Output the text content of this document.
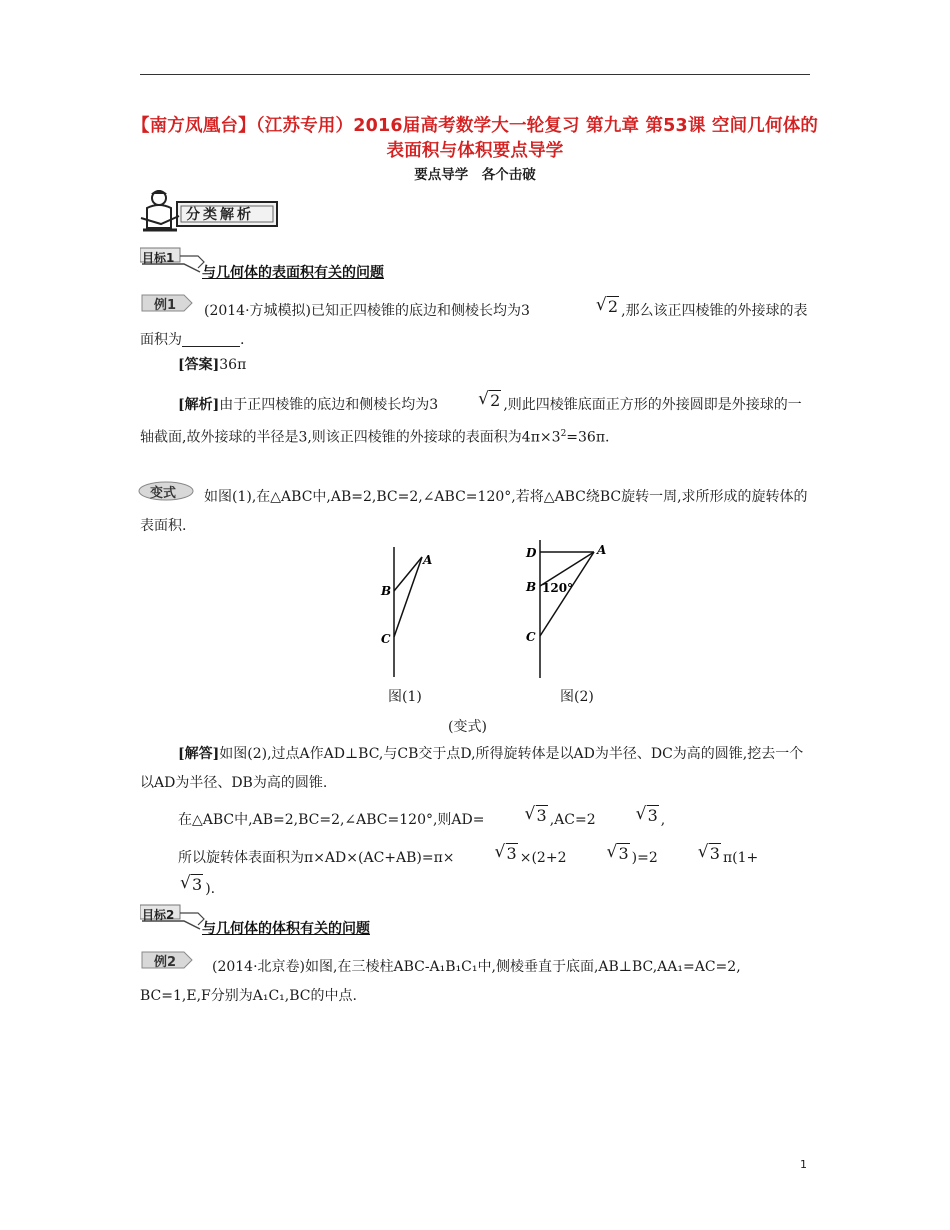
【南方凤凰台】（江苏专用）2016届高考数学大一轮复习 第九章 第53课 空间几何体的表面积与体积要点导学
要点导学　各个击破
分类解析
目标1
与几何体的表面积有关的问题
例1	(2014·方城模拟)已知正四棱锥的底边和侧棱长均为3	√ 2 ,那么该正四棱锥的外接球的表面积为	.
[答案]36π
[解析]由于正四棱锥的底边和侧棱长均为3	√ 2 ,则此四棱锥底面正方形的外接圆即是外接球的一轴截面,故外接球的半径是3,则该正四棱锥的外接球的表面积为$4\pi\times 3^2=36\pi$.
变式	如图(1),在△ABC中,AB=2,BC=2,∠ABC=120°,若将△ABC绕BC旋转一周,求所形成的旋转体的表面积.
A
B
C
D	A
B
C
120°
图(1)	图(2)
(变式)
[解答]如图(2),过点A作AD⊥BC,与CB交于点D,所得旋转体是以AD为半径、DC为高的圆锥,挖去一个以AD为半径、DB为高的圆锥.
在△ABC中,AB=2,BC=2,∠ABC=120°,则AD=	√ 3 ,AC=2	√ 3 ,
所以旋转体表面积为π×AD×(AC+AB)=π×	√ 3 ×(2+2	√ 3 )=2	√ 3 π(1+√ 3 ).
目标2
与几何体的体积有关的问题
例2	(2014·北京卷)如图,在三棱柱ABC-A₁B₁C₁中,侧棱垂直于底面,AB⊥BC,AA₁=AC=2, BC=1,E,F分别为A₁C₁,BC的中点.
1
